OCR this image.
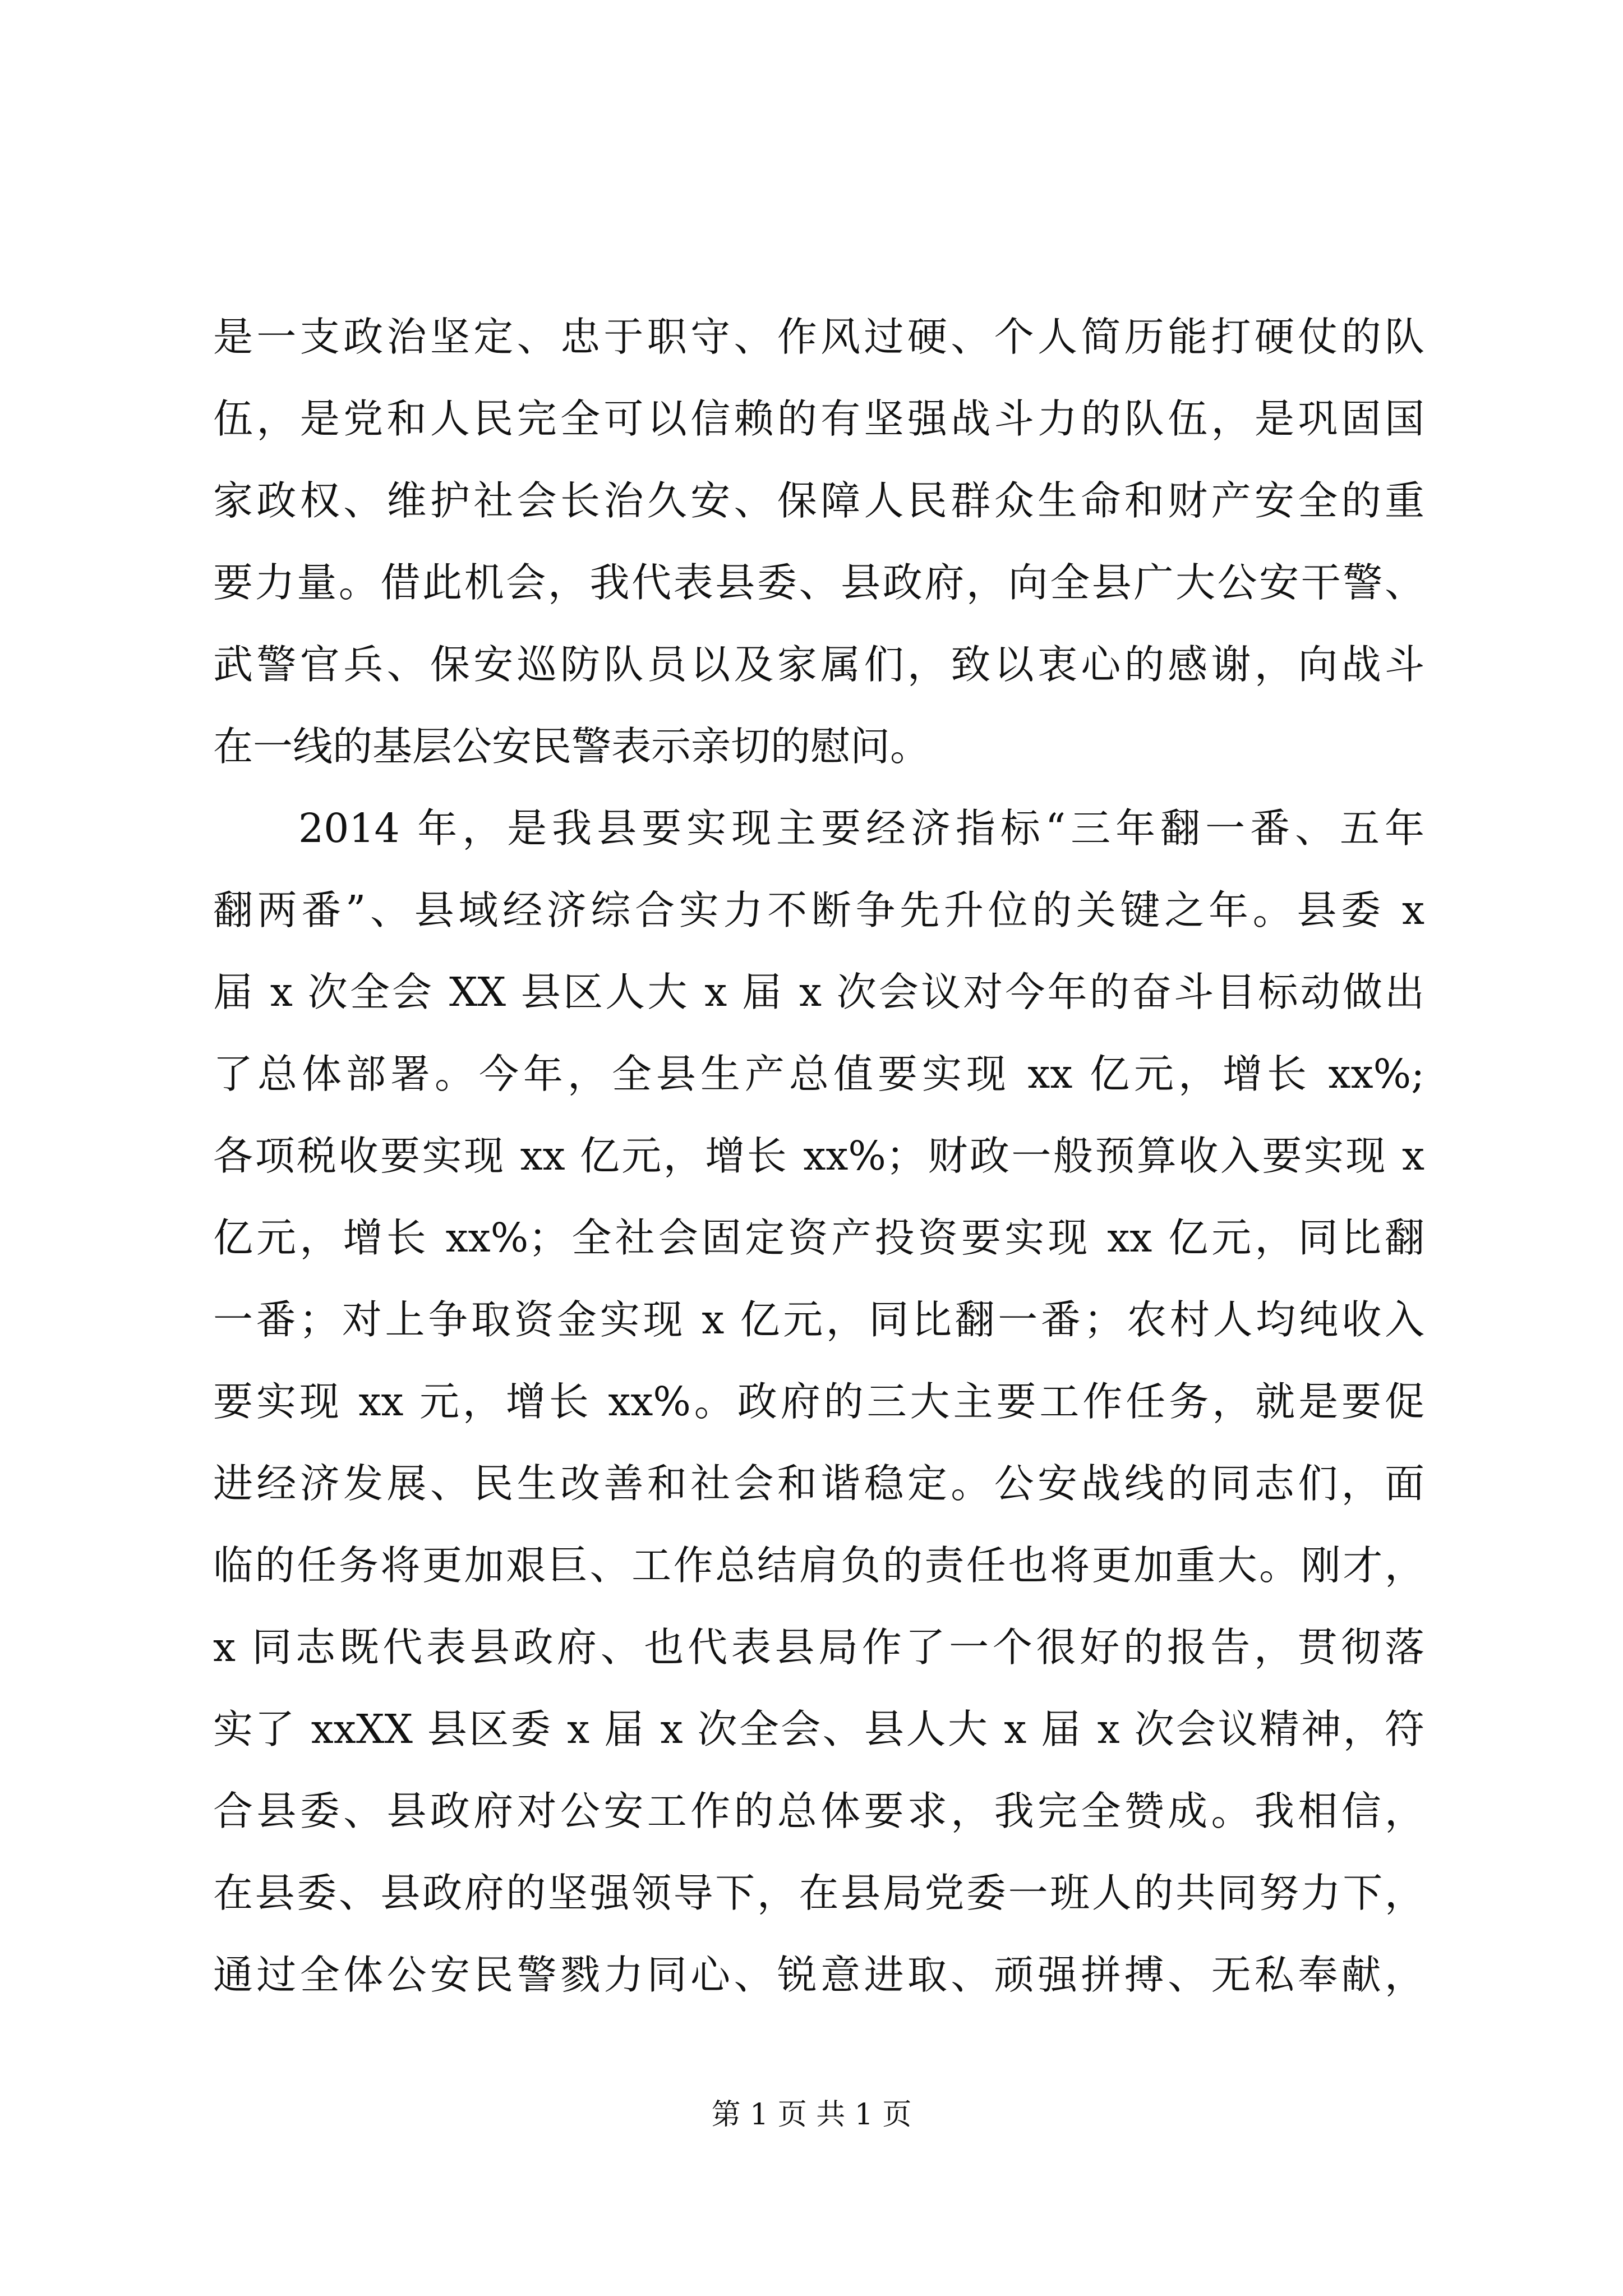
是一支政治坚定、忠于职守、作风过硬、个人简历能打硬仗的队
伍，是党和人民完全可以信赖的有坚强战斗力的队伍，是巩固国
家政权、维护社会长治久安、保障人民群众生命和财产安全的重
要力量。借此机会，我代表县委、县政府，向全县广大公安干警、
武警官兵、保安巡防队员以及家属们，致以衷心的感谢，向战斗
在一线的基层公安民警表示亲切的慰问。
2014 年，是我县要实现主要经济指标“三年翻一番、五年
翻两番”、县域经济综合实力不断争先升位的关键之年。县委 x
届 x 次全会 XX 县区人大 x 届 x 次会议对今年的奋斗目标动做出
了总体部署。今年，全县生产总值要实现 xx 亿元，增长 xx%;
各项税收要实现 xx 亿元，增长 xx%；财政一般预算收入要实现 x
亿元，增长 xx%；全社会固定资产投资要实现 xx 亿元，同比翻
一番；对上争取资金实现 x 亿元，同比翻一番；农村人均纯收入
要实现 xx 元，增长 xx%。政府的三大主要工作任务，就是要促
进经济发展、民生改善和社会和谐稳定。公安战线的同志们，面
临的任务将更加艰巨、工作总结肩负的责任也将更加重大。刚才，
x 同志既代表县政府、也代表县局作了一个很好的报告，贯彻落
实了 xxXX 县区委 x 届 x 次全会、县人大 x 届 x 次会议精神，符
合县委、县政府对公安工作的总体要求，我完全赞成。我相信，
在县委、县政府的坚强领导下，在县局党委一班人的共同努力下，
通过全体公安民警戮力同心、锐意进取、顽强拼搏、无私奉献，
第 1 页 共 1 页
